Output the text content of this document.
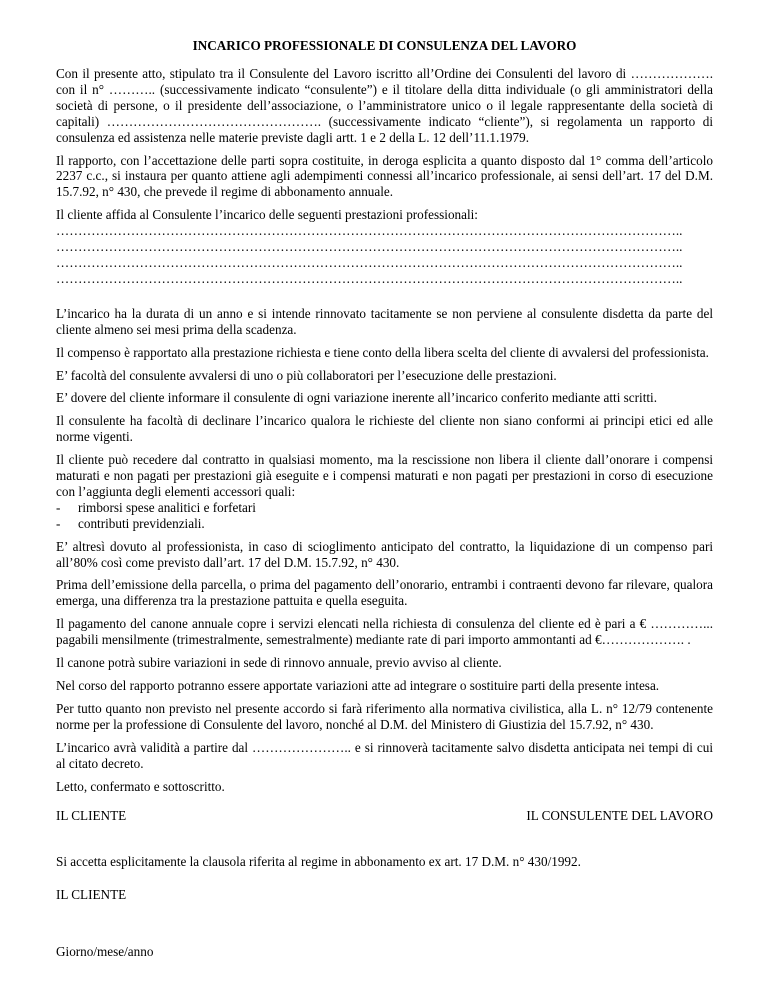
INCARICO PROFESSIONALE DI CONSULENZA DEL LAVORO

Con il presente atto, stipulato tra il Consulente del Lavoro iscritto all’Ordine dei Consulenti del lavoro di ………………. con il n° ……….. (successivamente indicato “consulente”) e il titolare della ditta individuale (o gli amministratori della società di persone, o il presidente dell’associazione, o l’amministratore unico o il legale rappresentante della società di capitali) …………………………………………. (successivamente indicato “cliente”), si regolamenta un rapporto di consulenza ed assistenza nelle materie previste dagli artt. 1 e 2 della L. 12 dell’11.1.1979.

Il rapporto, con l’accettazione delle parti sopra costituite, in deroga esplicita a quanto disposto dal 1° comma dell’articolo 2237 c.c., si instaura per quanto attiene agli adempimenti connessi all’incarico professionale, ai sensi dell’art. 17 del D.M. 15.7.92, n° 430, che prevede il regime di abbonamento annuale.

Il cliente affida al Consulente l’incarico delle seguenti prestazioni professionali:

……………………………………………………………………………………………………………………………..
……………………………………………………………………………………………………………………………..
……………………………………………………………………………………………………………………………..
……………………………………………………………………………………………………………………………..

L’incarico ha la durata di un anno e si intende rinnovato tacitamente se non perviene al consulente disdetta da parte del cliente almeno sei mesi prima della scadenza.

Il compenso è rapportato alla prestazione richiesta e tiene conto della libera scelta del cliente di avvalersi del professionista.

E’ facoltà del consulente avvalersi di uno o più collaboratori per l’esecuzione delle prestazioni.

E’ dovere del cliente informare il consulente di ogni variazione inerente all’incarico conferito mediante atti scritti.

Il consulente ha facoltà di declinare l’incarico qualora le richieste del cliente non siano conformi ai principi etici ed alle norme vigenti.

Il cliente può recedere dal contratto in qualsiasi momento, ma la rescissione non libera il cliente dall’onorare i compensi maturati e non pagati per prestazioni già eseguite e i compensi maturati e non pagati per prestazioni in corso di esecuzione con l’aggiunta degli elementi accessori quali:

-	rimborsi spese analitici e forfetari
-	contributi previdenziali.

E’ altresì dovuto al professionista, in caso di scioglimento anticipato del contratto, la liquidazione di un compenso pari all’80% così come previsto dall’art. 17 del D.M. 15.7.92, n° 430.

Prima dell’emissione della parcella, o prima del pagamento dell’onorario, entrambi i contraenti devono far rilevare, qualora emerga, una differenza tra la prestazione pattuita e quella eseguita.

Il pagamento del canone annuale copre i servizi elencati nella richiesta di consulenza del cliente ed è pari a € …………... pagabili mensilmente (trimestralmente, semestralmente) mediante rate di pari importo ammontanti ad €………………. .

Il canone potrà subire variazioni in sede di rinnovo annuale, previo avviso al cliente.

Nel corso del rapporto potranno essere apportate variazioni atte ad integrare o sostituire parti della presente intesa.

Per tutto quanto non previsto nel presente accordo si farà riferimento alla normativa civilistica, alla L. n° 12/79 contenente norme per la professione di Consulente del lavoro, nonché al D.M. del Ministero di Giustizia del 15.7.92, n° 430.

L’incarico avrà validità a partire dal ………………….. e si rinnoverà tacitamente salvo disdetta anticipata nei tempi di cui al citato decreto.

Letto, confermato e sottoscritto.

IL CLIENTE	IL CONSULENTE DEL LAVORO

Si accetta esplicitamente la clausola riferita al regime in abbonamento ex art. 17 D.M. n° 430/1992.

IL CLIENTE

Giorno/mese/anno
